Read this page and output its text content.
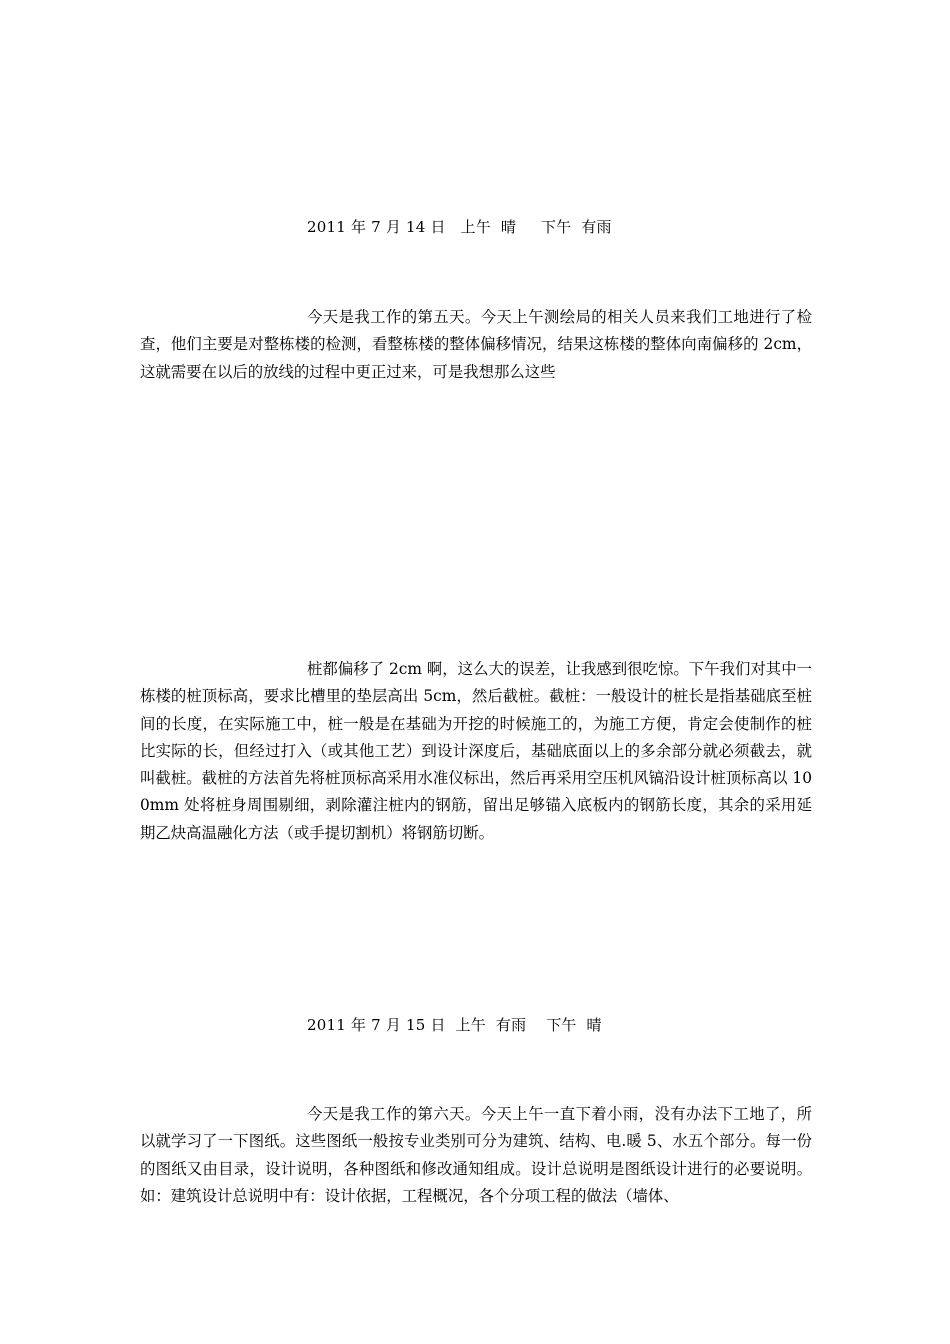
2011 年 7 月 14 日   上午  晴     下午  有雨

今天是我工作的第五天。今天上午测绘局的相关人员来我们工地进行了检查，他们主要是对整栋楼的检测，看整栋楼的整体偏移情况，结果这栋楼的整体向南偏移的 2cm，这就需要在以后的放线的过程中更正过来，可是我想那么这些

桩都偏移了 2cm 啊，这么大的误差，让我感到很吃惊。下午我们对其中一栋楼的桩顶标高，要求比槽里的垫层高出 5cm，然后截桩。截桩：一般设计的桩长是指基础底至桩间的长度，在实际施工中，桩一般是在基础为开挖的时候施工的，为施工方便，肯定会使制作的桩比实际的长，但经过打入（或其他工艺）到设计深度后，基础底面以上的多余部分就必须截去，就叫截桩。截桩的方法首先将桩顶标高采用水准仪标出，然后再采用空压机风镐沿设计桩顶标高以 100mm 处将桩身周围剔细，剥除灌注桩内的钢筋，留出足够锚入底板内的钢筋长度，其余的采用延期乙炔高温融化方法（或手提切割机）将钢筋切断。

2011 年 7 月 15 日  上午  有雨    下午  晴

今天是我工作的第六天。今天上午一直下着小雨，没有办法下工地了，所以就学习了一下图纸。这些图纸一般按专业类别可分为建筑、结构、电.暖 5、水五个部分。每一份的图纸又由目录，设计说明，各种图纸和修改通知组成。设计总说明是图纸设计进行的必要说明。如：建筑设计总说明中有：设计依据，工程概况，各个分项工程的做法（墙体、
